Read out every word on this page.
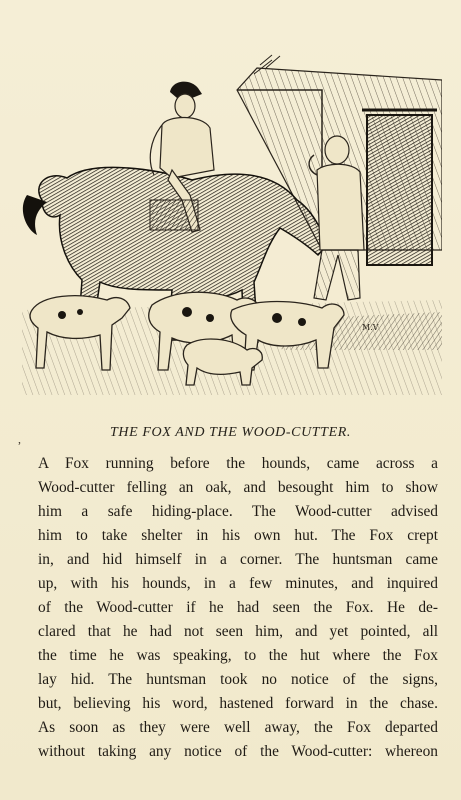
M.V
,	THE FOX AND THE WOOD-CUTTER.
A Fox running before the hounds, came across a
Wood-cutter felling an oak, and besought him to show
him a safe hiding-place. The Wood-cutter advised
him to take shelter in his own hut. The Fox crept
in, and hid himself in a corner. The huntsman came
up, with his hounds, in a few minutes, and inquired
of the Wood-cutter if he had seen the Fox. He de-
clared that he had not seen him, and yet pointed, all
the time he was speaking, to the hut where the Fox
lay hid. The huntsman took no notice of the signs,
but, believing his word, hastened forward in the chase.
As soon as they were well away, the Fox departed
without taking any notice of the Wood-cutter: whereon
